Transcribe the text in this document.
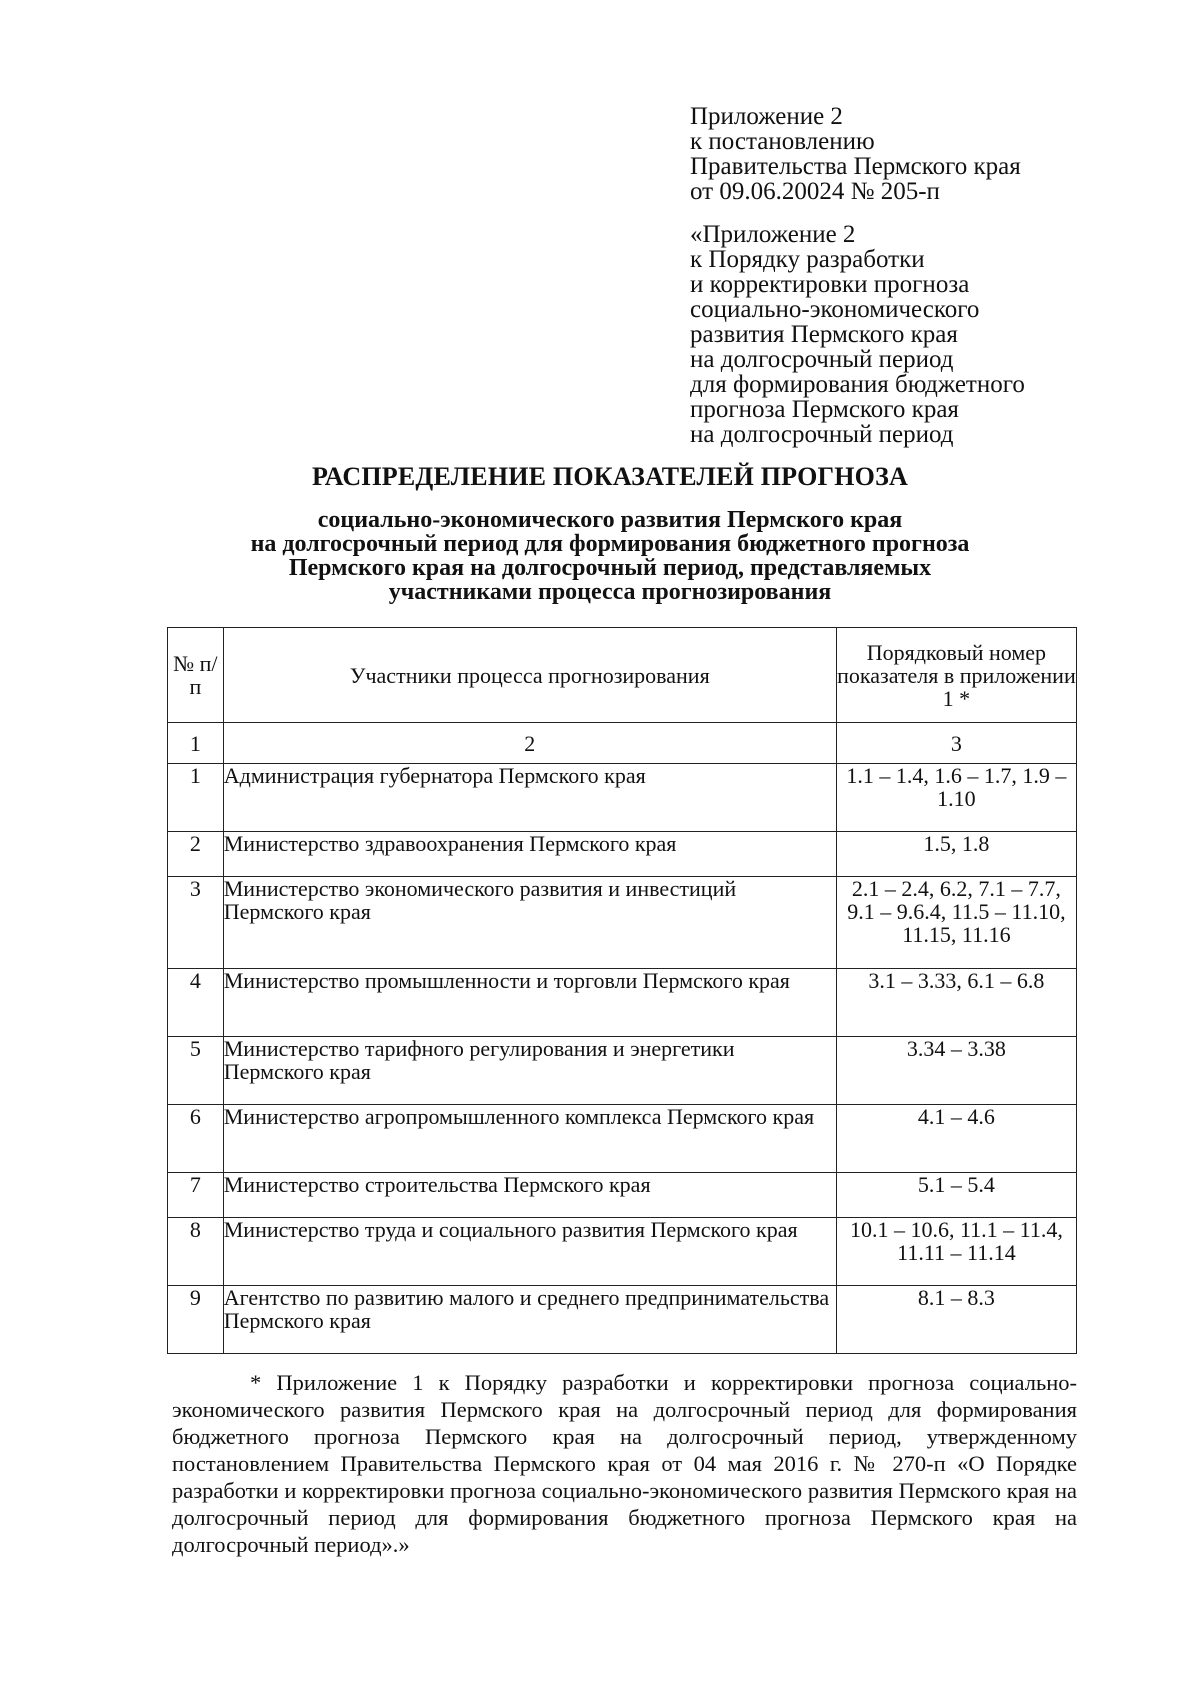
Приложение 2
к постановлению
Правительства Пермского края
от 09.06.20024 № 205-п
«Приложение 2
к Порядку разработки
и корректировки прогноза
социально-экономического
развития Пермского края
на долгосрочный период
для формирования бюджетного
прогноза Пермского края
на долгосрочный период
РАСПРЕДЕЛЕНИЕ ПОКАЗАТЕЛЕЙ ПРОГНОЗА
социально-экономического развития Пермского края
на долгосрочный период для формирования бюджетного прогноза
Пермского края на долгосрочный период, представляемых
участниками процесса прогнозирования
№ п/п	Участники процесса прогнозирования	Порядковый номер показателя в приложении 1 *
1	2	3
1	Администрация губернатора Пермского края	1.1 – 1.4, 1.6 – 1.7, 1.9 – 1.10
2	Министерство здравоохранения Пермского края	1.5, 1.8
3	Министерство экономического развития и инвестиций Пермского края	2.1 – 2.4, 6.2, 7.1 – 7.7, 9.1 – 9.6.4, 11.5 – 11.10, 11.15, 11.16
4	Министерство промышленности и торговли Пермского края	3.1 – 3.33, 6.1 – 6.8
5	Министерство тарифного регулирования и энергетики Пермского края	3.34 – 3.38
6	Министерство агропромышленного комплекса Пермского края	4.1 – 4.6
7	Министерство строительства Пермского края	5.1 – 5.4
8	Министерство труда и социального развития Пермского края	10.1 – 10.6, 11.1 – 11.4, 11.11 – 11.14
9	Агентство по развитию малого и среднего предпринимательства Пермского края	8.1 – 8.3
* Приложение 1 к Порядку разработки и корректировки прогноза социально-экономического развития Пермского края на долгосрочный период для формирования бюджетного прогноза Пермского края на долгосрочный период, утвержденному постановлением Правительства Пермского края от 04 мая 2016 г. № 270-п «О Порядке разработки и корректировки прогноза социально-экономического развития Пермского края на долгосрочный период для формирования бюджетного прогноза Пермского края на долгосрочный период».»
